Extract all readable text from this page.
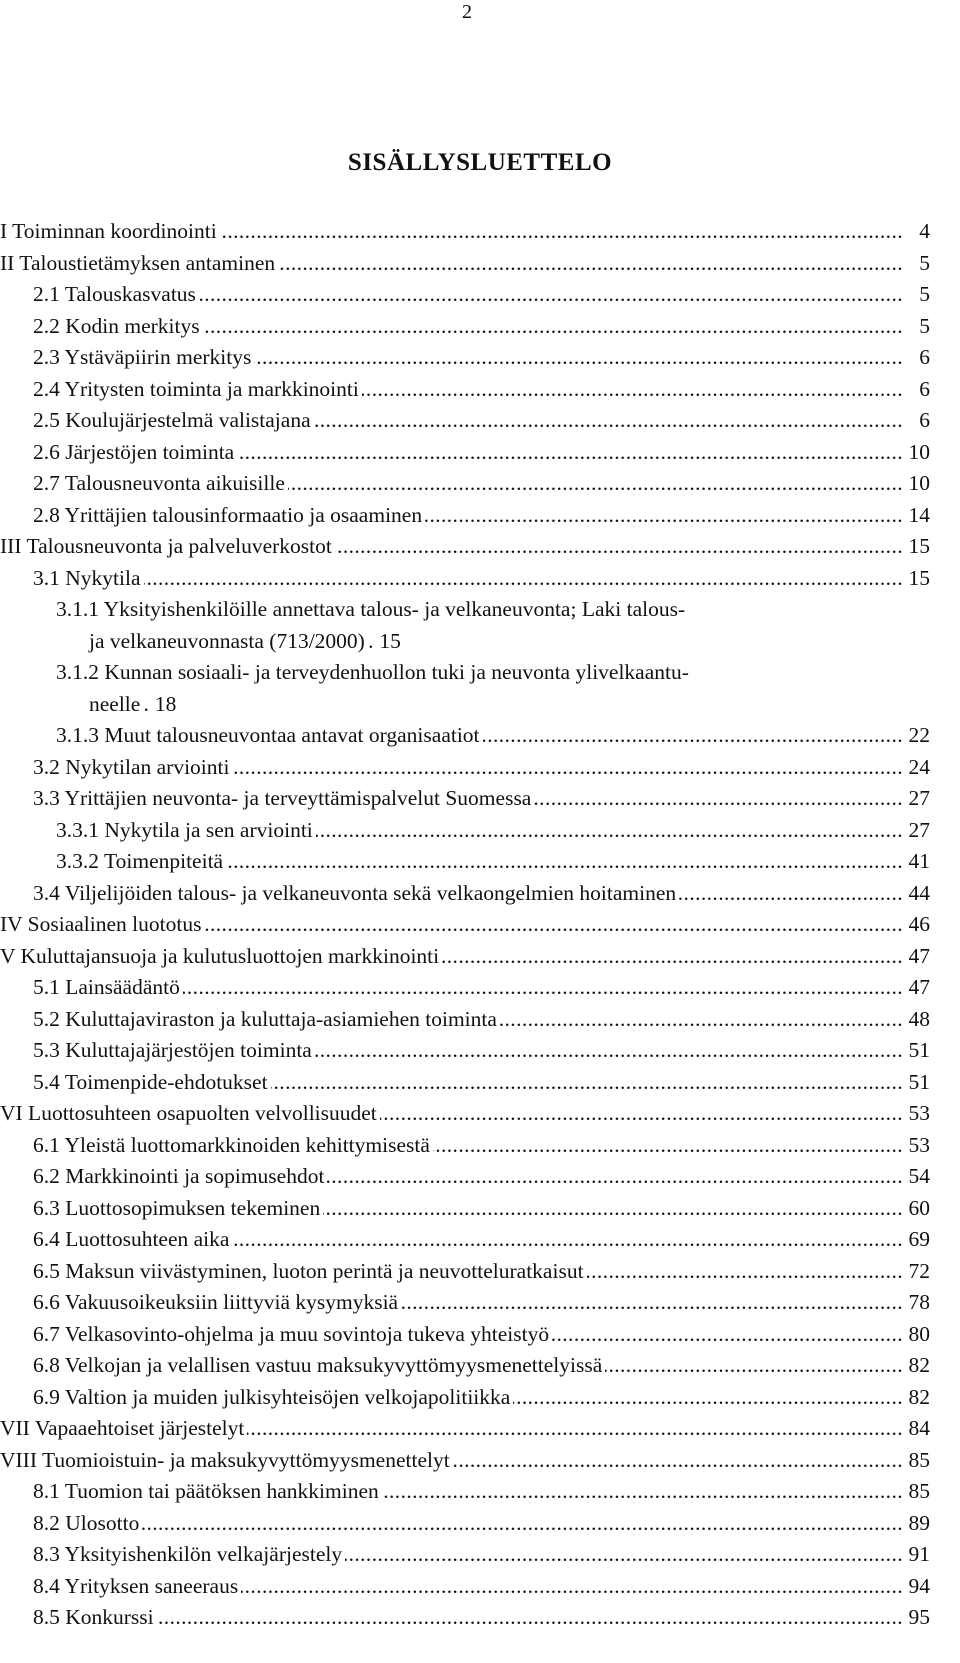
2
SISÄLLYSLUETTELO
I Toiminnan koordinointi .....	4
II Taloustietämyksen antaminen .....	5
2.1 Talouskasvatus .....	5
2.2 Kodin merkitys .....	5
2.3 Ystäväpiirin merkitys .....	6
2.4 Yritysten toiminta ja markkinointi .....	6
2.5 Koulujärjestelmä valistajana .....	6
2.6 Järjestöjen toiminta .....	10
2.7 Talousneuvonta aikuisille .....	10
2.8 Yrittäjien talousinformaatio ja osaaminen .....	14
III Talousneuvonta ja palveluverkostot .....	15
3.1 Nykytila .....	15
3.1.1 Yksityishenkilöille annettava talous- ja velkaneuvonta; Laki talous-
ja velkaneuvonnasta (713/2000) ..... 15
3.1.2 Kunnan sosiaali- ja terveydenhuollon tuki ja neuvonta ylivelkaantu-
neelle ..... 18
3.1.3 Muut talousneuvontaa antavat organisaatiot .....	22
3.2 Nykytilan arviointi .....	24
3.3 Yrittäjien neuvonta- ja terveyttämispalvelut Suomessa .....	27
3.3.1 Nykytila ja sen arviointi .....	27
3.3.2 Toimenpiteitä .....	41
3.4 Viljelijöiden talous- ja velkaneuvonta sekä velkaongelmien hoitaminen .....	44
IV Sosiaalinen luototus .....	46
V Kuluttajansuoja ja kulutusluottojen markkinointi .....	47
5.1 Lainsäädäntö .....	47
5.2 Kuluttajaviraston ja kuluttaja-asiamiehen toiminta .....	48
5.3 Kuluttajajärjestöjen toiminta .....	51
5.4 Toimenpide-ehdotukset .....	51
VI Luottosuhteen osapuolten velvollisuudet .....	53
6.1 Yleistä luottomarkkinoiden kehittymisestä .....	53
6.2 Markkinointi ja sopimusehdot .....	54
6.3 Luottosopimuksen tekeminen .....	60
6.4 Luottosuhteen aika .....	69
6.5 Maksun viivästyminen, luoton perintä ja neuvotteluratkaisut .....	72
6.6 Vakuusoikeuksiin liittyviä kysymyksiä .....	78
6.7 Velkasovinto-ohjelma ja muu sovintoja tukeva yhteistyö .....	80
6.8 Velkojan ja velallisen vastuu maksukyvyttömyysmenettelyissä .....	82
6.9 Valtion ja muiden julkisyhteisöjen velkojapolitiikka .....	82
VII Vapaaehtoiset järjestelyt .....	84
VIII Tuomioistuin- ja maksukyvyttömyysmenettelyt .....	85
8.1 Tuomion tai päätöksen hankkiminen .....	85
8.2 Ulosotto .....	89
8.3 Yksityishenkilön velkajärjestely .....	91
8.4 Yrityksen saneeraus .....	94
8.5 Konkurssi .....	95
